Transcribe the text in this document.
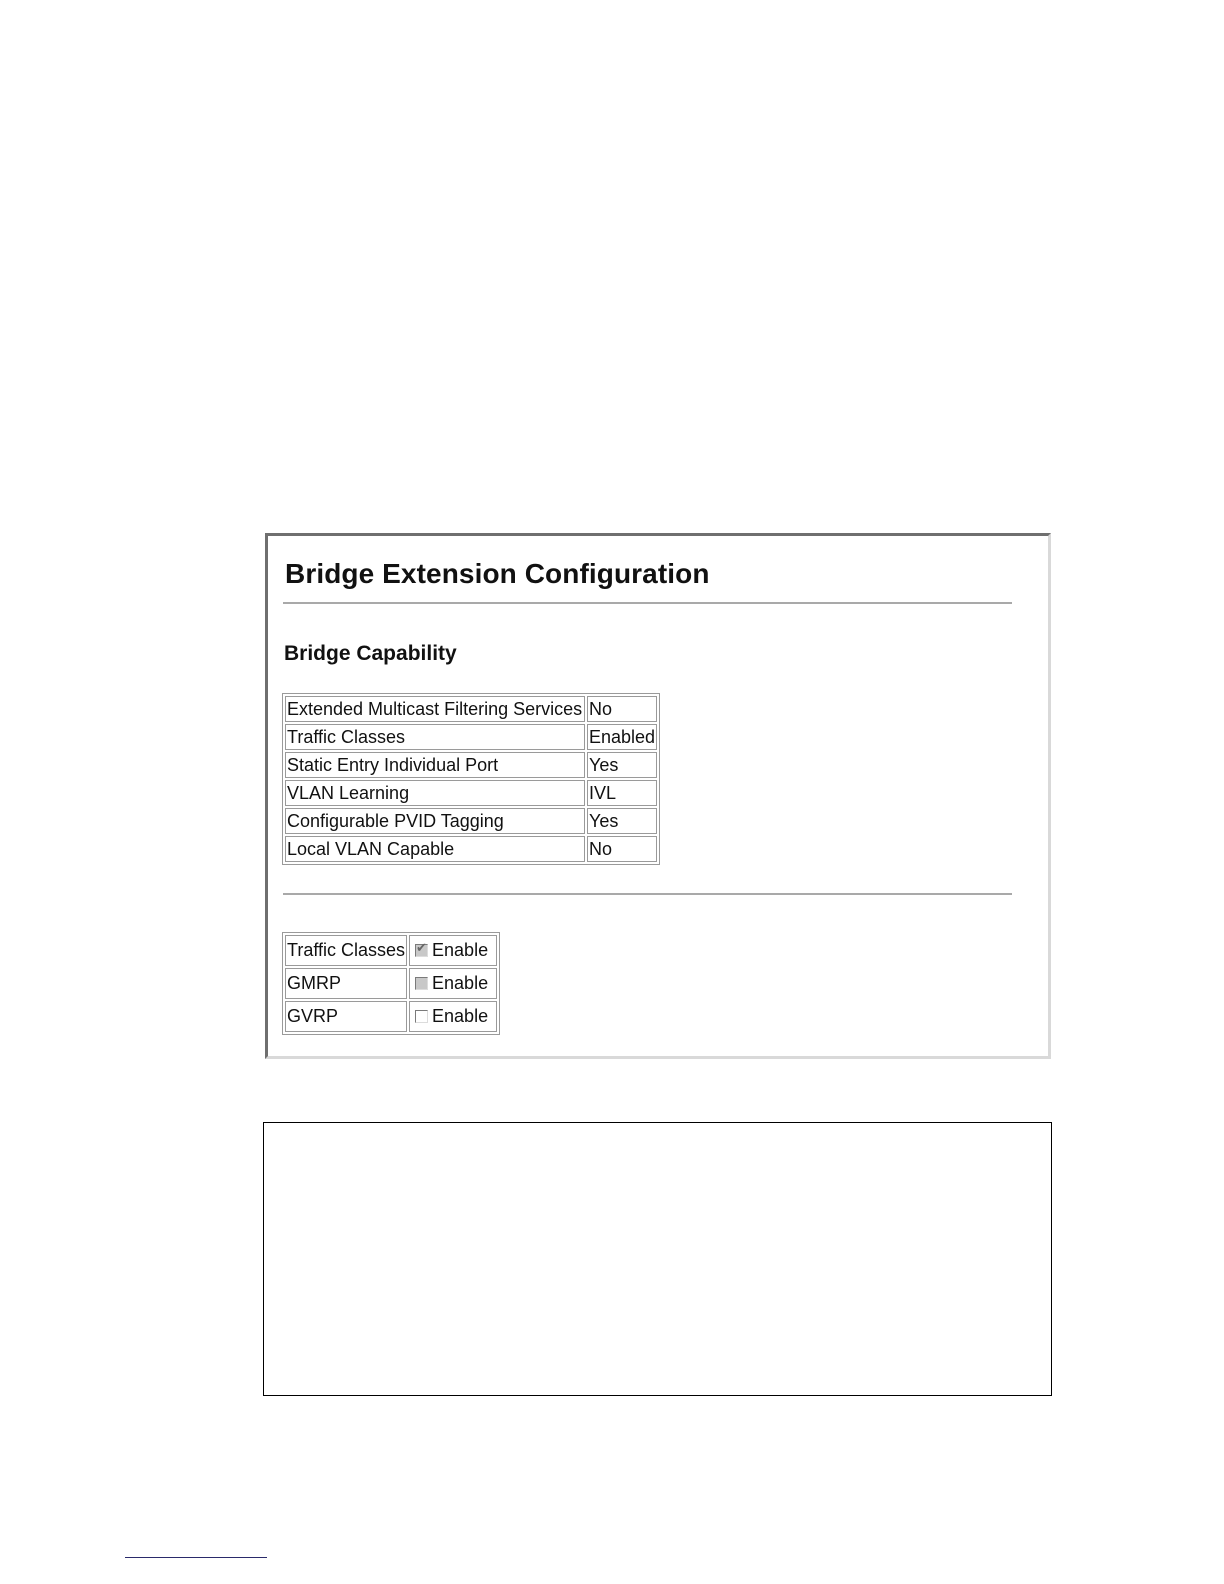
Bridge Extension Configuration
Bridge Capability
Extended Multicast Filtering Services	No
Traffic Classes	Enabled
Static Entry Individual Port	Yes
VLAN Learning	IVL
Configurable PVID Tagging	Yes
Local VLAN Capable	No
Traffic Classes	✔ Enable
GMRP	Enable
GVRP	Enable
